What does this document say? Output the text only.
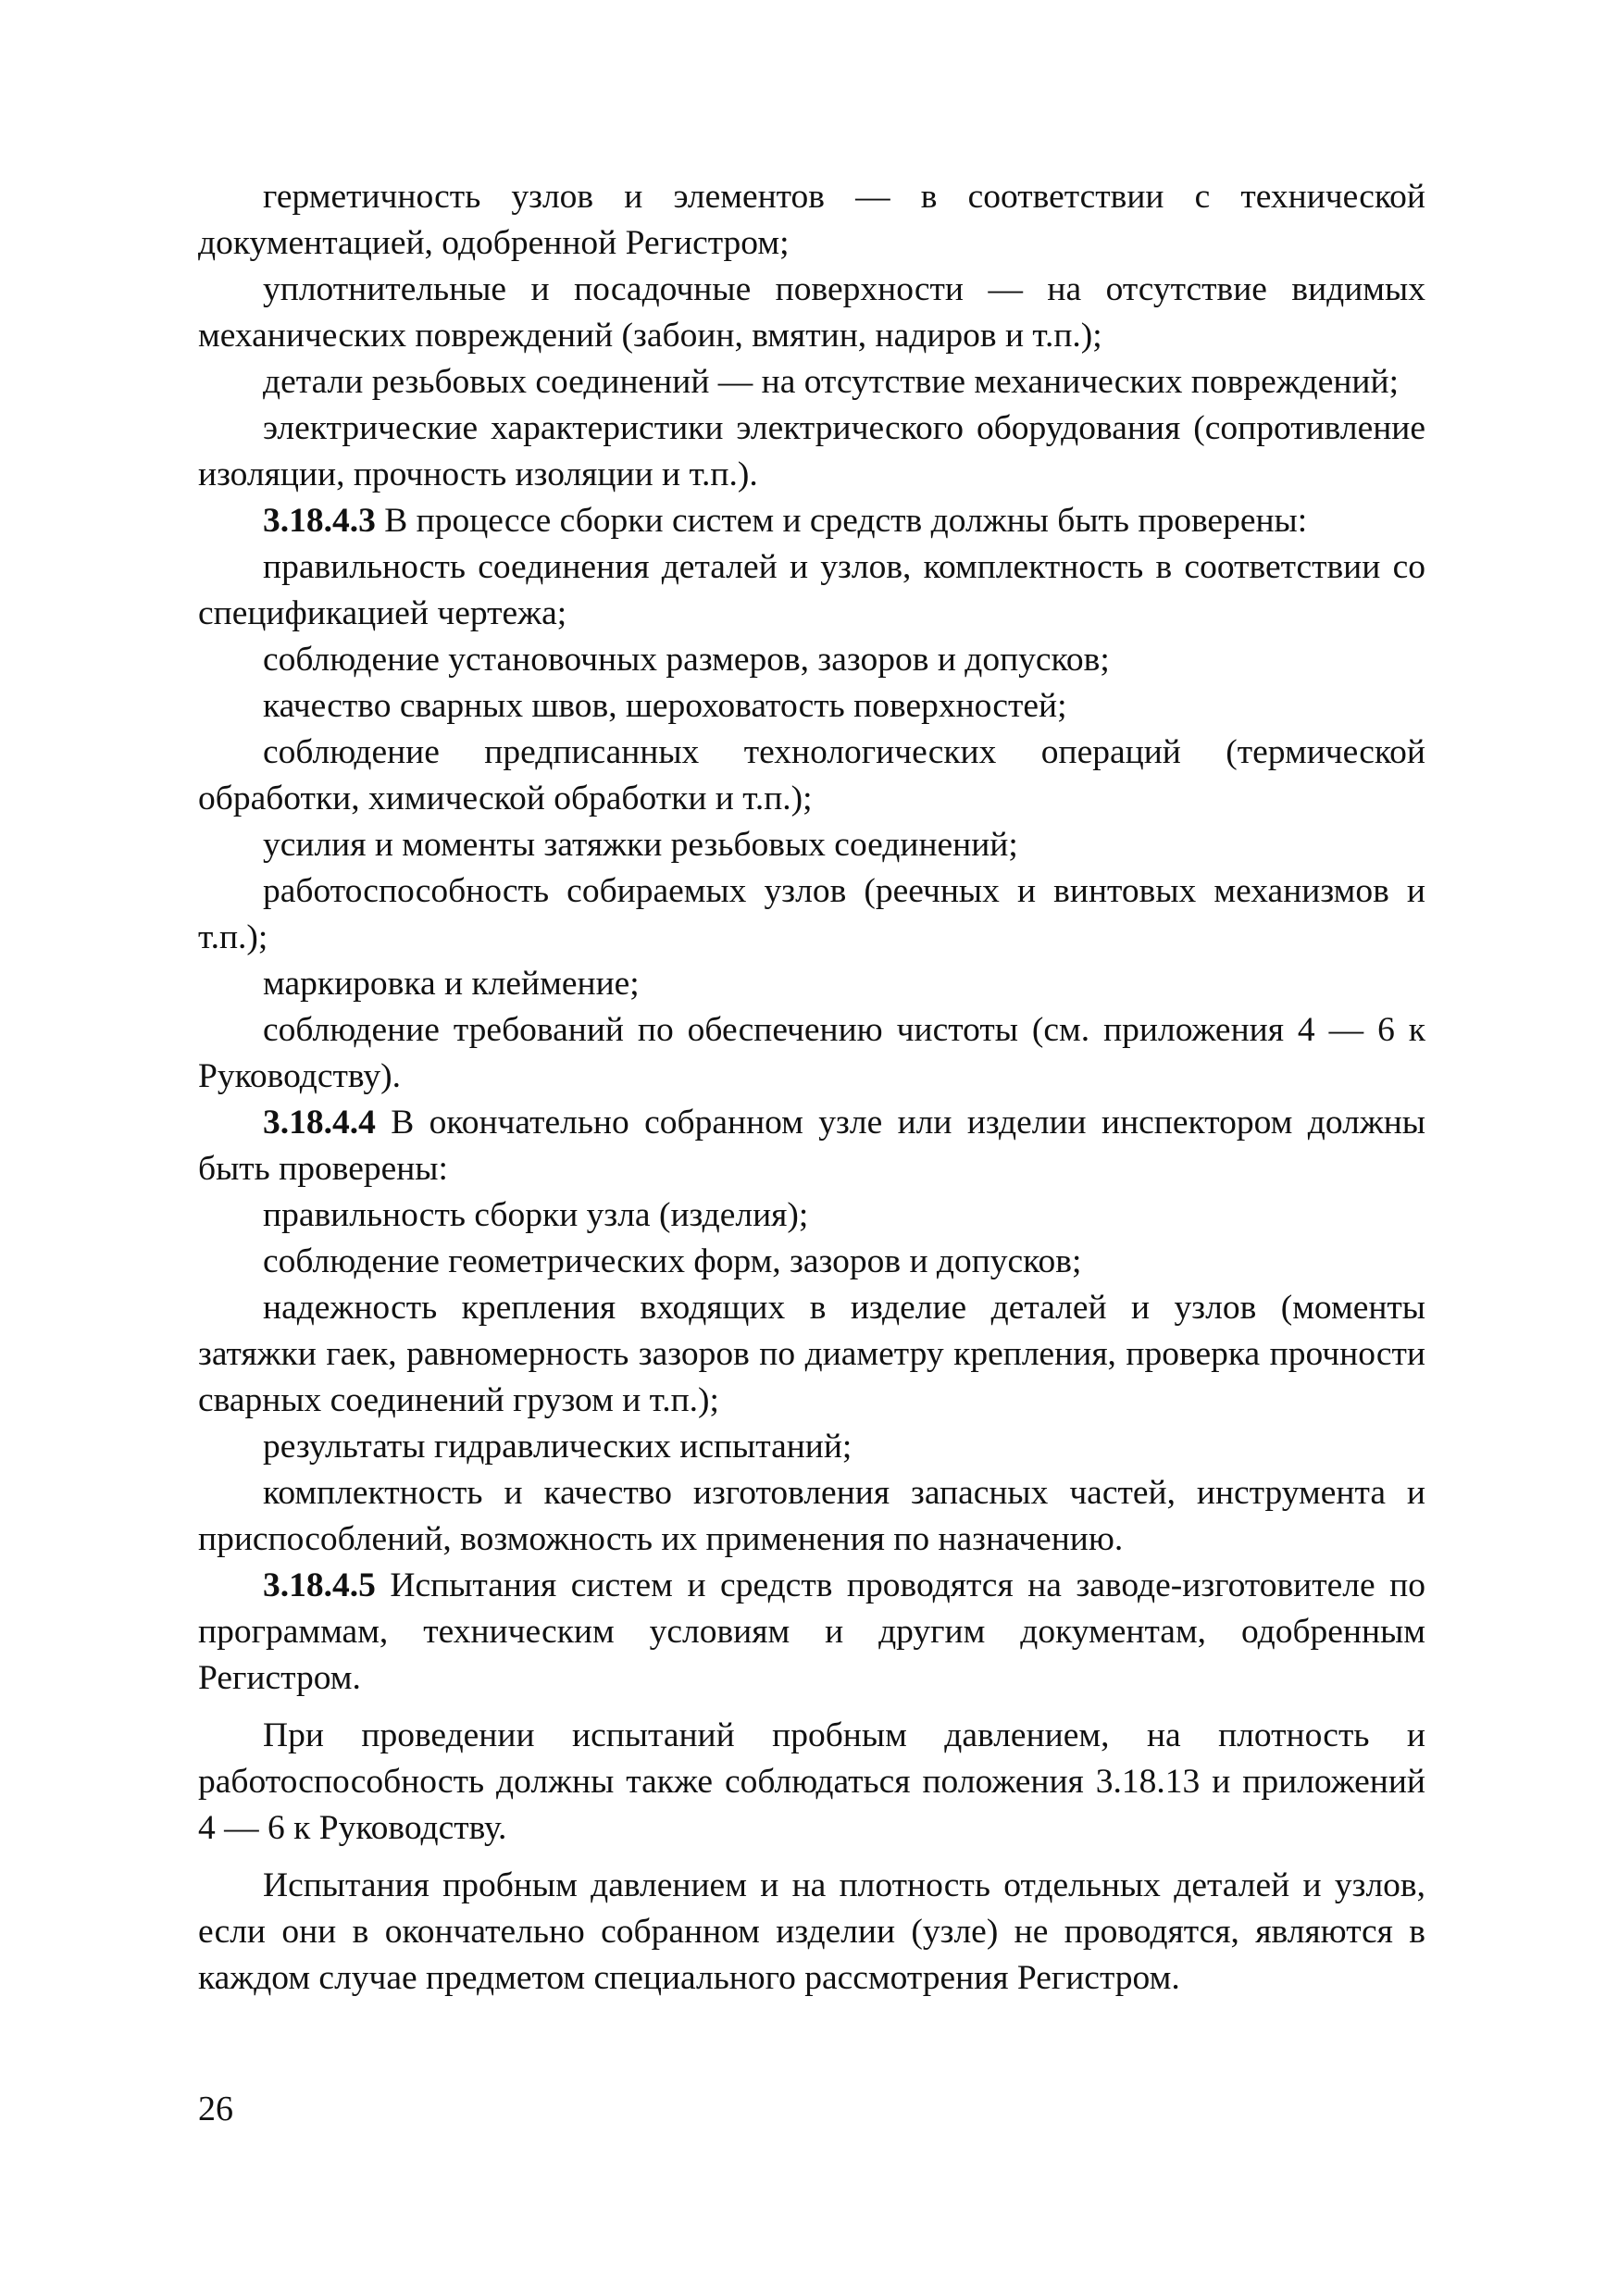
герметичность узлов и элементов — в соответствии с технической документацией, одобренной Регистром;

уплотнительные и посадочные поверхности — на отсутствие видимых механических повреждений (забоин, вмятин, надиров и т.п.);

детали резьбовых соединений — на отсутствие механических повреждений;

электрические характеристики электрического оборудования (сопротивление изоляции, прочность изоляции и т.п.).

3.18.4.3 В процессе сборки систем и средств должны быть проверены:

правильность соединения деталей и узлов, комплектность в соответствии со спецификацией чертежа;

соблюдение установочных размеров, зазоров и допусков;

качество сварных швов, шероховатость поверхностей;

соблюдение предписанных технологических операций (термической обработки, химической обработки и т.п.);

усилия и моменты затяжки резьбовых соединений;

работоспособность собираемых узлов (реечных и винтовых механизмов и т.п.);

маркировка и клеймение;

соблюдение требований по обеспечению чистоты (см. приложения 4 — 6 к Руководству).

3.18.4.4 В окончательно собранном узле или изделии инспектором должны быть проверены:

правильность сборки узла (изделия);

соблюдение геометрических форм, зазоров и допусков;

надежность крепления входящих в изделие деталей и узлов (моменты затяжки гаек, равномерность зазоров по диаметру крепления, проверка прочности сварных соединений грузом и т.п.);

результаты гидравлических испытаний;

комплектность и качество изготовления запасных частей, инструмента и приспособлений, возможность их применения по назначению.

3.18.4.5 Испытания систем и средств проводятся на заводе-изготовителе по программам, техническим условиям и другим документам, одобренным Регистром.

При проведении испытаний пробным давлением, на плотность и работоспособность должны также соблюдаться положения 3.18.13 и приложений 4 — 6 к Руководству.

Испытания пробным давлением и на плотность отдельных деталей и узлов, если они в окончательно собранном изделии (узле) не проводятся, являются в каждом случае предметом специального рассмотрения Регистром.

26
